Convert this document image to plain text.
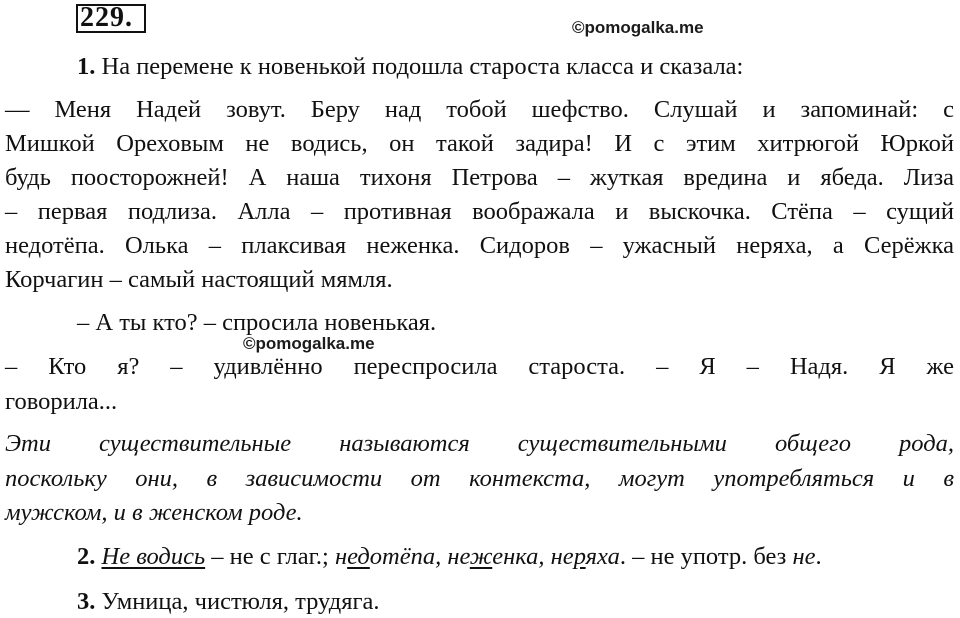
229.	©pomogalka.me
1. На перемене к новенькой подошла староста класса и сказала:
— Меня Надей зовут. Беру над тобой шефство. Слушай и запоминай: с
Мишкой Ореховым не водись, он такой задира! И с этим хитрюгой Юркой
будь поосторожней! А наша тихоня Петрова – жуткая вредина и ябеда. Лиза
– первая подлиза. Алла – противная воображала и выскочка. Стёпа – сущий
недотёпа. Олька – плаксивая неженка. Сидоров – ужасный неряха, а Серёжка
Корчагин – самый настоящий мямля.
– А ты кто? – спросила новенькая.
©pomogalka.me
– Кто я? – удивлённо переспросила староста. – Я – Надя. Я же
говорила...
Эти существительные называются существительными общего рода,
поскольку они, в зависимости от контекста, могут употребляться и в
мужском, и в женском роде.
2. Не водись – не с глаг.; недотёпа, неженка, неряха. – не употр. без не.
3. Умница, чистюля, трудяга.
